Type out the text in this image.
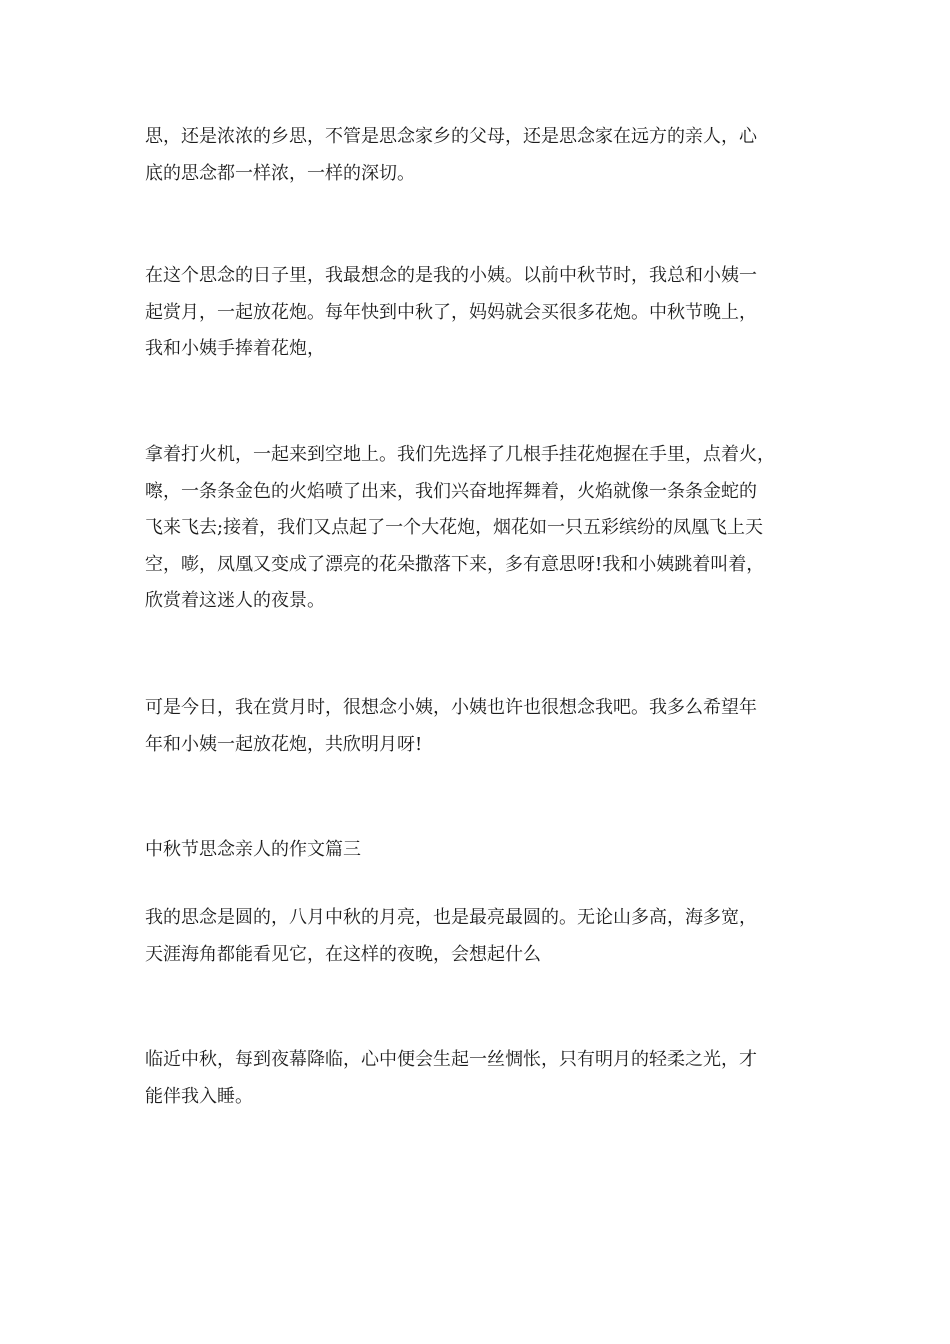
思，还是浓浓的乡思，不管是思念家乡的父母，还是思念家在远方的亲人，心
底的思念都一样浓，一样的深切。

在这个思念的日子里，我最想念的是我的小姨。以前中秋节时，我总和小姨一
起赏月，一起放花炮。每年快到中秋了，妈妈就会买很多花炮。中秋节晚上，
我和小姨手捧着花炮，

拿着打火机，一起来到空地上。我们先选择了几根手挂花炮握在手里，点着火，
嚓，一条条金色的火焰喷了出来，我们兴奋地挥舞着，火焰就像一条条金蛇的
飞来飞去;接着，我们又点起了一个大花炮，烟花如一只五彩缤纷的凤凰飞上天
空，嘭，凤凰又变成了漂亮的花朵撒落下来，多有意思呀!我和小姨跳着叫着，
欣赏着这迷人的夜景。

可是今日，我在赏月时，很想念小姨，小姨也许也很想念我吧。我多么希望年
年和小姨一起放花炮，共欣明月呀!

中秋节思念亲人的作文篇三

我的思念是圆的，八月中秋的月亮，也是最亮最圆的。无论山多高，海多宽，
天涯海角都能看见它，在这样的夜晚，会想起什么

临近中秋，每到夜幕降临，心中便会生起一丝惆怅，只有明月的轻柔之光，才
能伴我入睡。
